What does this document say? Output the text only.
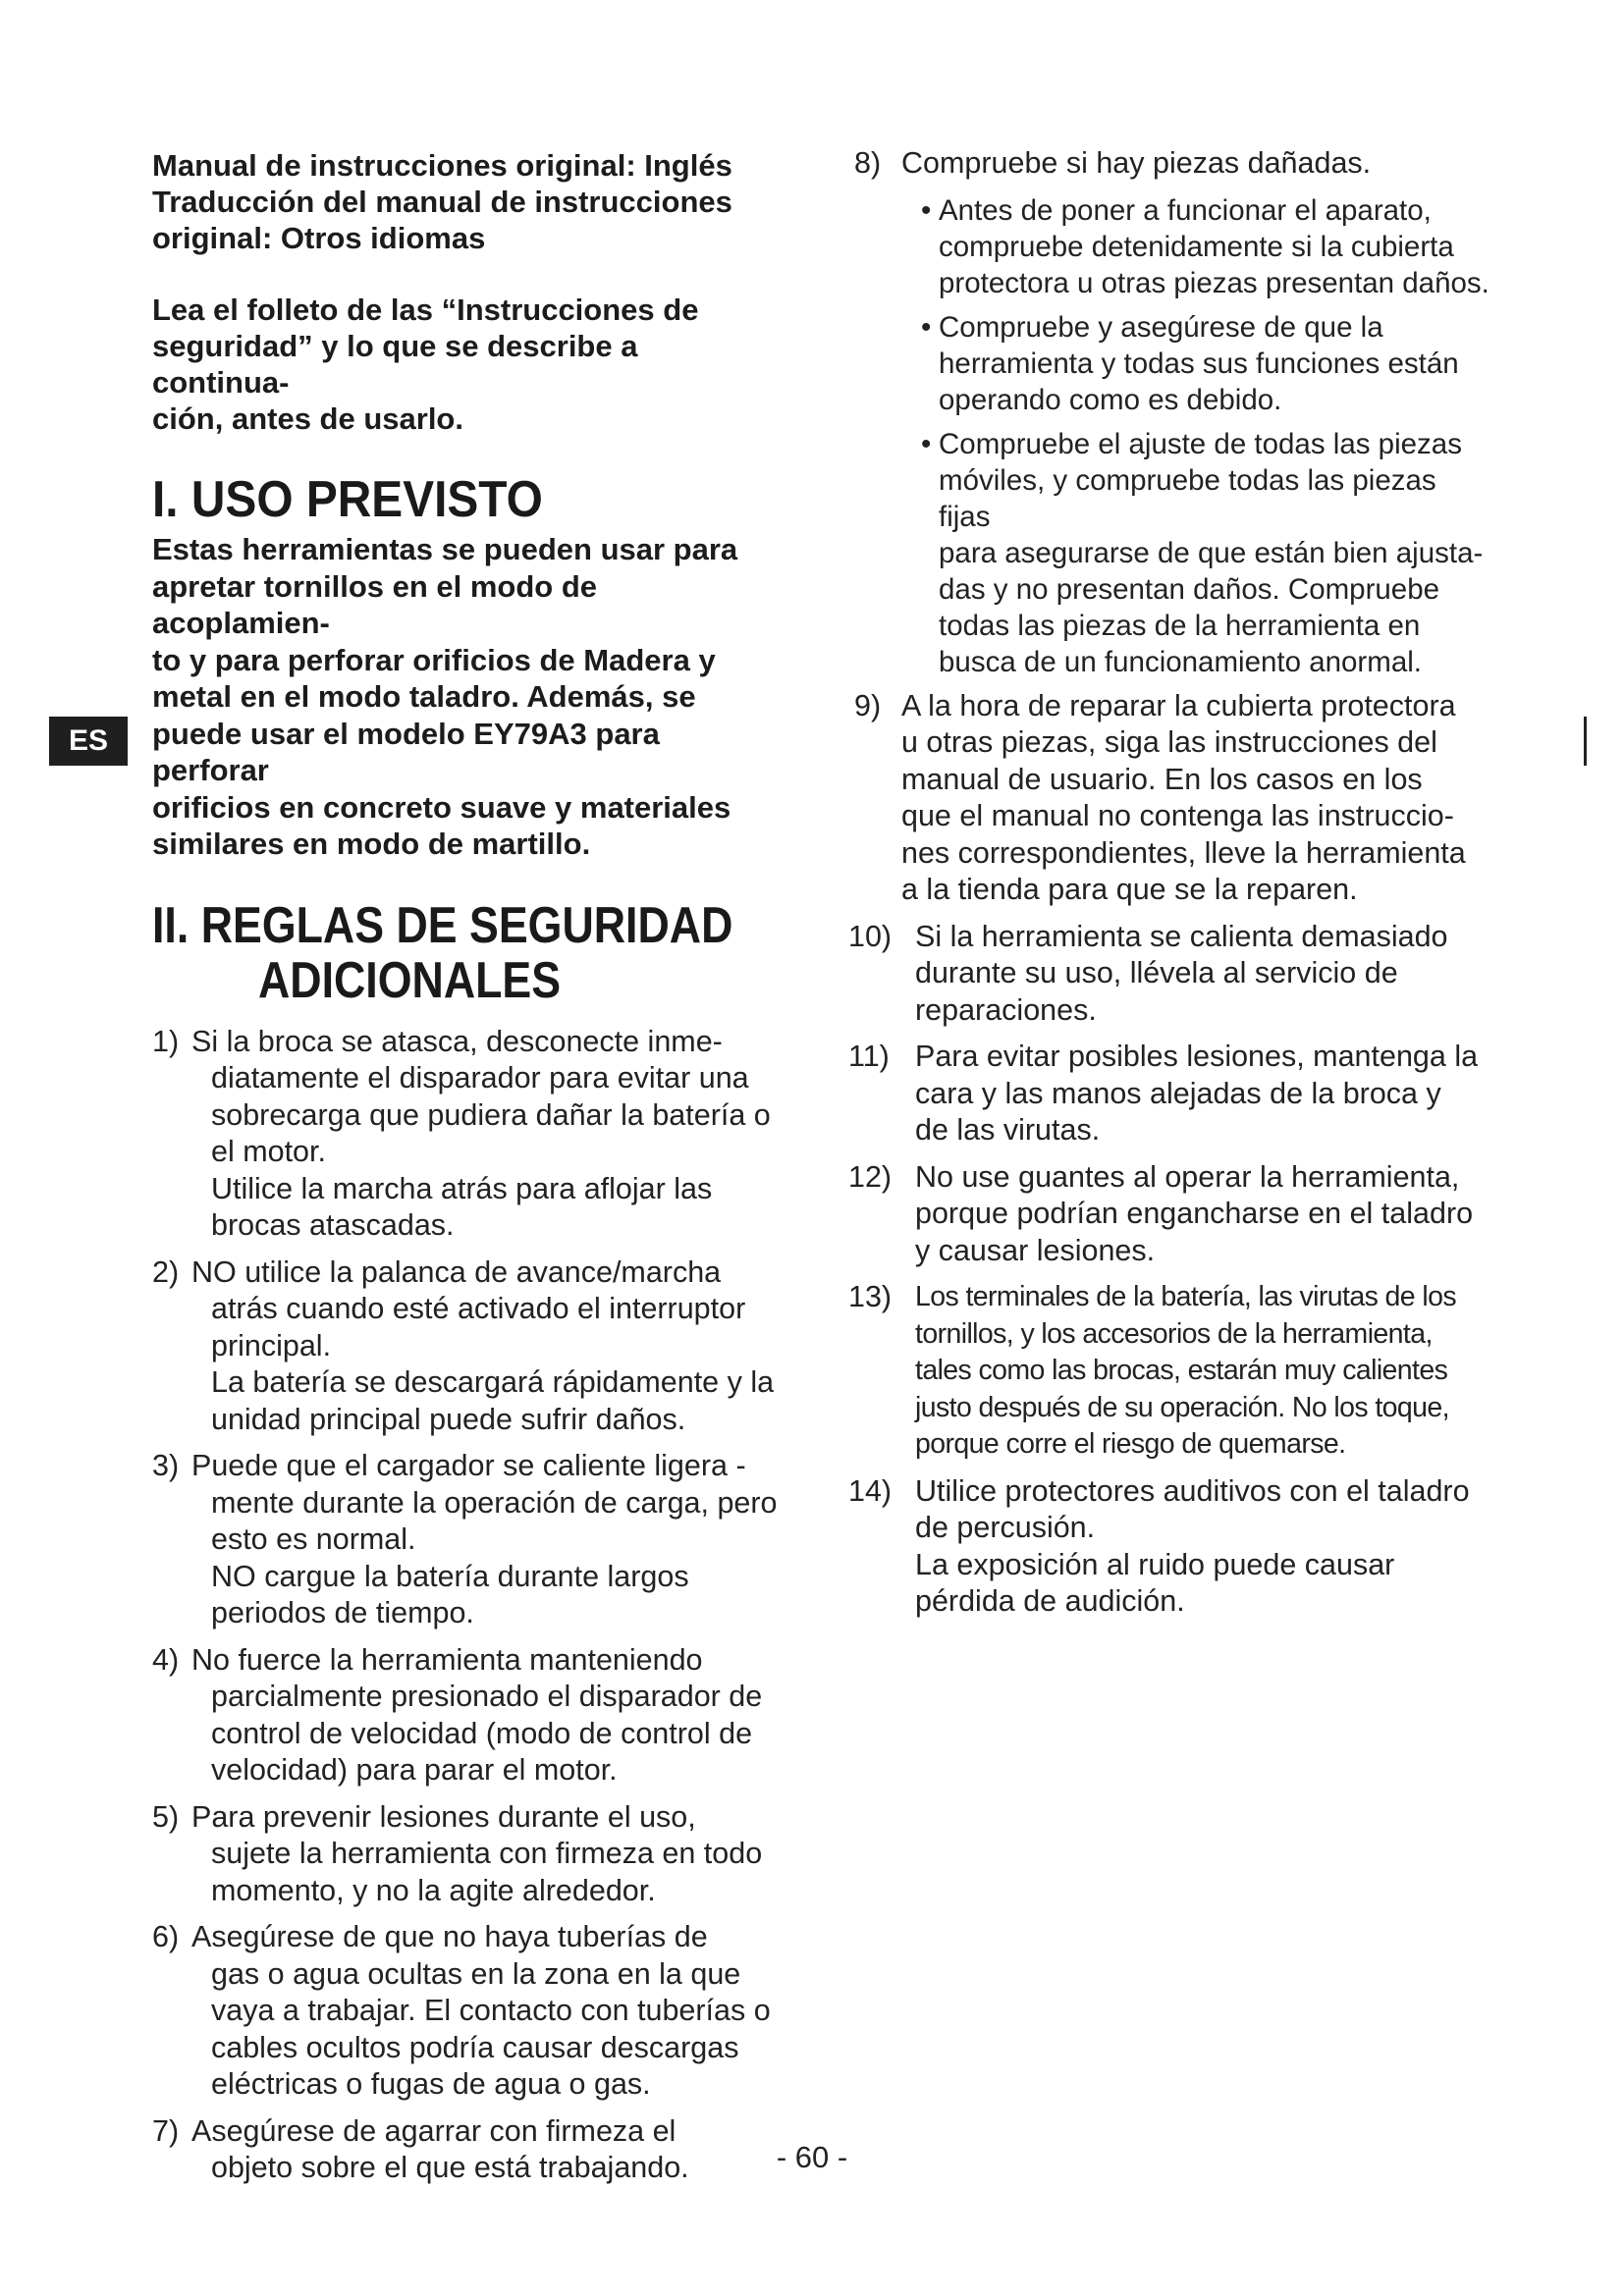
Manual de instrucciones original: Inglés

Traducción del manual de instrucciones

original: Otros idiomas

Lea el folleto de las “Instrucciones de

seguridad” y lo que se describe a continua-

ción, antes de usarlo.

I. USO PREVISTO
Estas herramientas se pueden usar para
apretar tornillos en el modo de acoplamien-
to y para perforar orificios de Madera y
metal en el modo taladro. Además, se
puede usar el modelo EY79A3 para perforar
orificios en concreto suave y materiales
similares en modo de martillo.
II. REGLAS DE SEGURIDAD
ADICIONALES
1) Si la broca se atasca, desconecte inme-
diatamente el disparador para evitar una
sobrecarga que pudiera dañar la batería o
el motor.
Utilice la marcha atrás para aflojar las
brocas atascadas.
2) NO utilice la palanca de avance/marcha
atrás cuando esté activado el interruptor
principal.
La batería se descargará rápidamente y la
unidad principal puede sufrir daños.
3) Puede que el cargador se caliente ligera -
mente durante la operación de carga, pero
esto es normal.
NO cargue la batería durante largos
periodos de tiempo.
4) No fuerce la herramienta manteniendo
parcialmente presionado el disparador de
control de velocidad (modo de control de
velocidad) para parar el motor.
5) Para prevenir lesiones durante el uso,
sujete la herramienta con firmeza en todo
momento, y no la agite alrededor.
6) Asegúrese de que no haya tuberías de
gas o agua ocultas en la zona en la que
vaya a trabajar. El contacto con tuberías o
cables ocultos podría causar descargas
eléctricas o fugas de agua o gas.
7) Asegúrese de agarrar con firmeza el
objeto sobre el que está trabajando.
8) Compruebe si hay piezas dañadas.
• Antes de poner a funcionar el aparato,
compruebe detenidamente si la cubierta
protectora u otras piezas presentan daños.
• Compruebe y asegúrese de que la
herramienta y todas sus funciones están
operando como es debido.
• Compruebe el ajuste de todas las piezas
móviles, y compruebe todas las piezas fijas
para asegurarse de que están bien ajusta-
das y no presentan daños. Compruebe
todas las piezas de la herramienta en
busca de un funcionamiento anormal.
9) A la hora de reparar la cubierta protectora
u otras piezas, siga las instrucciones del
manual de usuario. En los casos en los
que el manual no contenga las instruccio-
nes correspondientes, lleve la herramienta
a la tienda para que se la reparen.
10) Si la herramienta se calienta demasiado
durante su uso, llévela al servicio de
reparaciones.
11) Para evitar posibles lesiones, mantenga la
cara y las manos alejadas de la broca y
de las virutas.
12) No use guantes al operar la herramienta,
porque podrían engancharse en el taladro
y causar lesiones.
13) Los terminales de la batería, las virutas de los
tornillos, y los accesorios de la herramienta,
tales como las brocas, estarán muy calientes
justo después de su operación. No los toque,
porque corre el riesgo de quemarse.
14) Utilice protectores auditivos con el taladro
de percusión.
La exposición al ruido puede causar
pérdida de audición.
ES
- 60 -
